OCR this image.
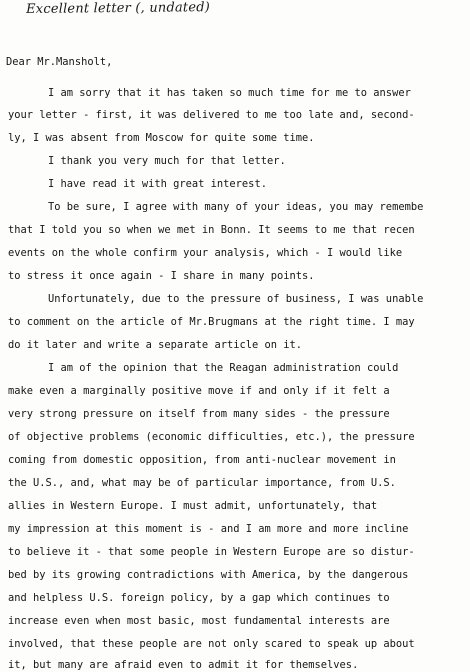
Excellent letter (, undated)
Dear Mr.Mansholt,
I am sorry that it has taken so much time for me to answer
your letter - first, it was delivered to me too late and, second-
ly, I was absent from Moscow for quite some time.
I thank you very much for that letter.
I have read it with great interest.
To be sure, I agree with many of your ideas, you may remembe
that I told you so when we met in Bonn. It seems to me that recen
events on the whole confirm your analysis, which - I would like
to stress it once again - I share in many points.
Unfortunately, due to the pressure of business, I was unable
to comment on the article of Mr.Brugmans at the right time. I may
do it later and write a separate article on it.
I am of the opinion that the Reagan administration could
make even a marginally positive move if and only if it felt a
very strong pressure on itself from many sides - the pressure
of objective problems (economic difficulties, etc.), the pressure
coming from domestic opposition, from anti-nuclear movement in
the U.S., and, what may be of particular importance, from U.S.
allies in Western Europe. I must admit, unfortunately, that
my impression at this moment is - and I am more and more incline
to believe it - that some people in Western Europe are so distur-
bed by its growing contradictions with America, by the dangerous
and helpless U.S. foreign policy, by a gap which continues to
increase even when most basic, most fundamental interests are
involved, that these people are not only scared to speak up about
it, but many are afraid even to admit it for themselves.
